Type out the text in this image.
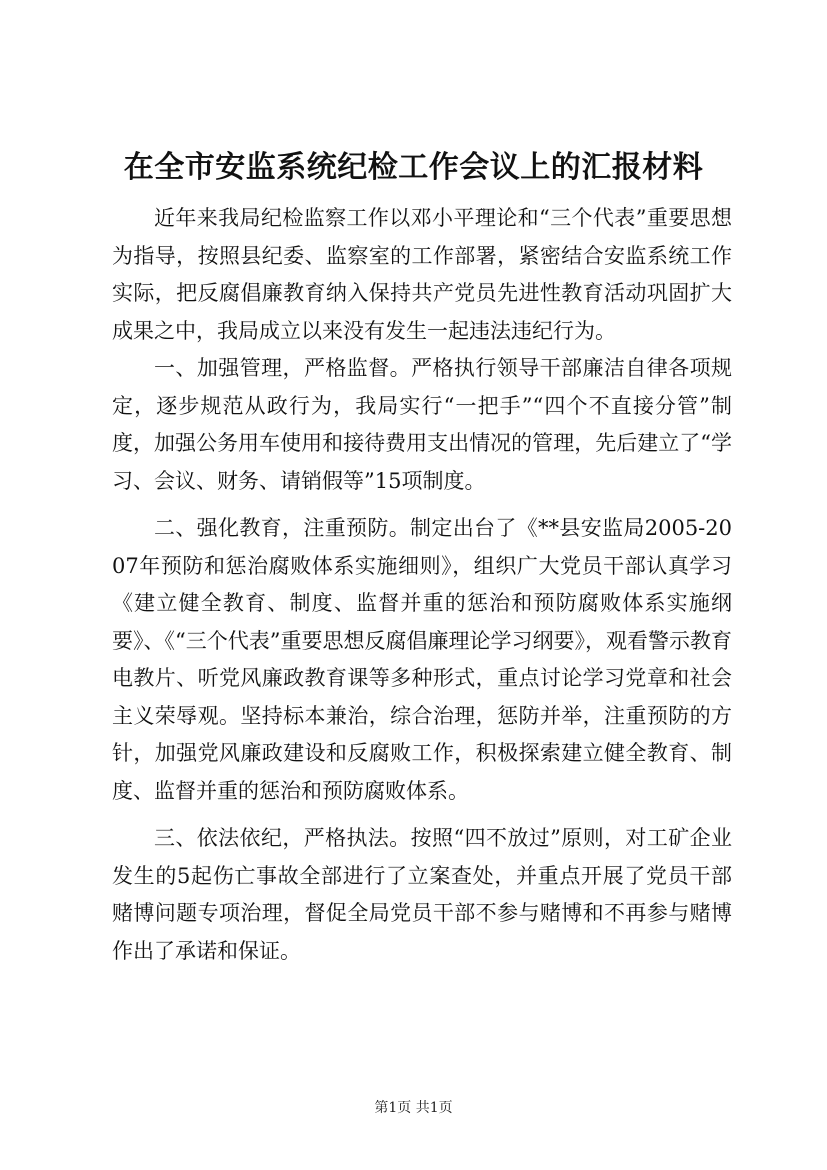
在全市安监系统纪检工作会议上的汇报材料

近年来我局纪检监察工作以邓小平理论和“三个代表”重要思想为指导，按照县纪委、监察室的工作部署，紧密结合安监系统工作实际，把反腐倡廉教育纳入保持共产党员先进性教育活动巩固扩大成果之中，我局成立以来没有发生一起违法违纪行为。

一、加强管理，严格监督。严格执行领导干部廉洁自律各项规定，逐步规范从政行为，我局实行“一把手”“四个不直接分管”制度，加强公务用车使用和接待费用支出情况的管理，先后建立了“学习、会议、财务、请销假等”15项制度。

二、强化教育，注重预防。制定出台了《**县安监局2005-2007年预防和惩治腐败体系实施细则》，组织广大党员干部认真学习《建立健全教育、制度、监督并重的惩治和预防腐败体系实施纲要》、《“三个代表”重要思想反腐倡廉理论学习纲要》，观看警示教育电教片、听党风廉政教育课等多种形式，重点讨论学习党章和社会主义荣辱观。坚持标本兼治，综合治理，惩防并举，注重预防的方针，加强党风廉政建设和反腐败工作，积极探索建立健全教育、制度、监督并重的惩治和预防腐败体系。

三、依法依纪，严格执法。按照“四不放过”原则，对工矿企业发生的5起伤亡事故全部进行了立案查处，并重点开展了党员干部赌博问题专项治理，督促全局党员干部不参与赌博和不再参与赌博作出了承诺和保证。

第1页 共1页
